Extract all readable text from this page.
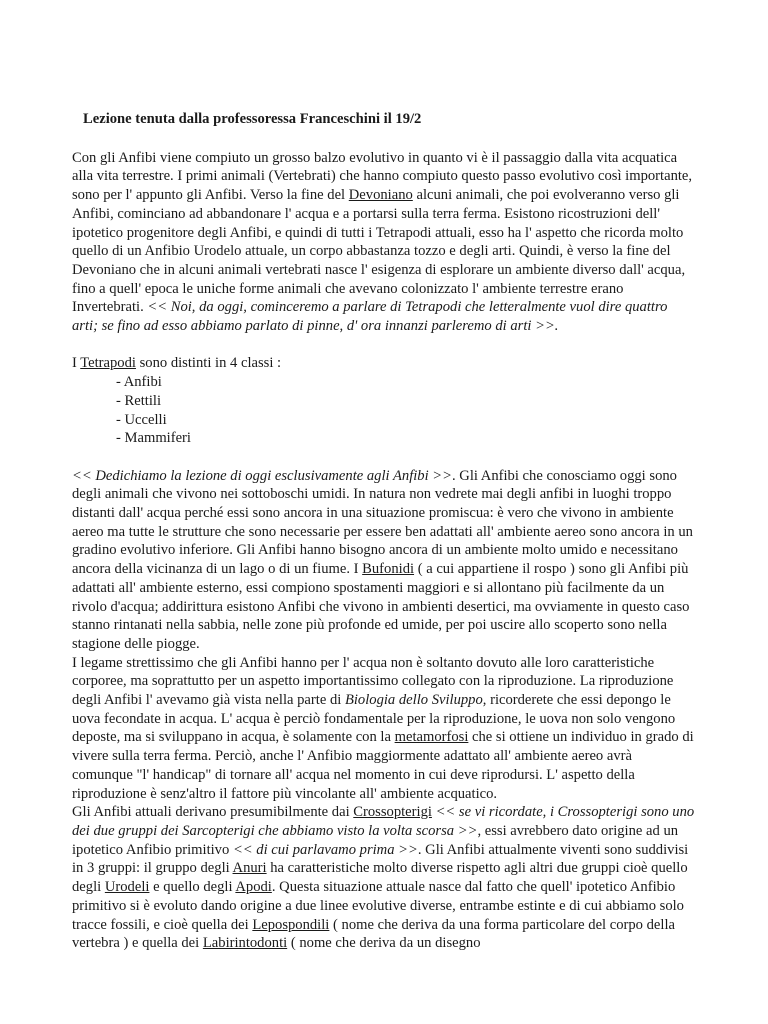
Lezione tenuta dalla professoressa Franceschini il 19/2

Con gli Anfibi viene compiuto un grosso balzo evolutivo in quanto vi è il passaggio dalla vita acquatica alla vita terrestre. I primi animali (Vertebrati) che hanno compiuto questo passo evolutivo così importante, sono per l' appunto gli Anfibi. Verso la fine del Devoniano alcuni animali, che poi evolveranno verso gli Anfibi, cominciano ad abbandonare l' acqua e a portarsi sulla terra ferma. Esistono ricostruzioni dell' ipotetico progenitore degli Anfibi, e quindi di tutti i Tetrapodi attuali, esso ha l' aspetto che ricorda molto quello di un Anfibio Urodelo attuale, un corpo abbastanza tozzo e degli arti. Quindi, è verso la fine del Devoniano che in alcuni animali vertebrati nasce l' esigenza di esplorare un ambiente diverso dall' acqua, fino a quell' epoca le uniche forme animali che avevano colonizzato l' ambiente terrestre erano Invertebrati. << Noi, da oggi, cominceremo a parlare di Tetrapodi che letteralmente vuol dire quattro arti; se fino ad esso abbiamo parlato di pinne, d' ora innanzi parleremo di arti >>.

I Tetrapodi sono distinti in 4 classi :

- Anfibi
- Rettili
- Uccelli
- Mammiferi

<< Dedichiamo la lezione di oggi esclusivamente agli Anfibi >>. Gli Anfibi che conosciamo oggi sono degli animali che vivono nei sottoboschi umidi. In natura non vedrete mai degli anfibi in luoghi troppo distanti dall' acqua perché essi sono ancora in una situazione promiscua: è vero che vivono in ambiente aereo ma tutte le strutture che sono necessarie per essere ben adattati all' ambiente aereo sono ancora in un gradino evolutivo inferiore. Gli Anfibi hanno bisogno ancora di un ambiente molto umido e necessitano ancora della vicinanza di un lago o di un fiume. I Bufonidi ( a cui appartiene il rospo ) sono gli Anfibi più adattati all' ambiente esterno, essi compiono spostamenti maggiori e si allontano più facilmente da un rivolo d'acqua; addirittura esistono Anfibi che vivono in ambienti desertici, ma ovviamente in questo caso stanno rintanati nella sabbia, nelle zone più profonde ed umide, per poi uscire allo scoperto sono nella stagione delle piogge.

I legame strettissimo che gli Anfibi hanno per l' acqua non è soltanto dovuto alle loro caratteristiche corporee, ma soprattutto per un aspetto importantissimo collegato con la riproduzione. La riproduzione degli Anfibi l' avevamo già vista nella parte di Biologia dello Sviluppo, ricorderete che essi depongo le uova fecondate in acqua. L' acqua è perciò fondamentale per la riproduzione, le uova non solo vengono deposte, ma si sviluppano in acqua, è solamente con la metamorfosi che si ottiene un individuo in grado di vivere sulla terra ferma. Perciò, anche l' Anfibio maggiormente adattato all' ambiente aereo avrà comunque "l' handicap" di tornare all' acqua nel momento in cui deve riprodursi. L' aspetto della riproduzione è senz'altro il fattore più vincolante all' ambiente acquatico.

Gli Anfibi attuali derivano presumibilmente dai Crossopterigi << se vi ricordate, i Crossopterigi sono uno dei due gruppi dei Sarcopterigi che abbiamo visto la volta scorsa >>, essi avrebbero dato origine ad un ipotetico Anfibio primitivo << di cui parlavamo prima >>. Gli Anfibi attualmente viventi sono suddivisi in 3 gruppi: il gruppo degli Anuri ha caratteristiche molto diverse rispetto agli altri due gruppi cioè quello degli Urodeli e quello degli Apodi. Questa situazione attuale nasce dal fatto che quell' ipotetico Anfibio primitivo si è evoluto dando origine a due linee evolutive diverse, entrambe estinte e di cui abbiamo solo tracce fossili, e cioè quella dei Lepospondili ( nome che deriva da una forma particolare del corpo della vertebra ) e quella dei Labirintodonti ( nome che deriva da un disegno
